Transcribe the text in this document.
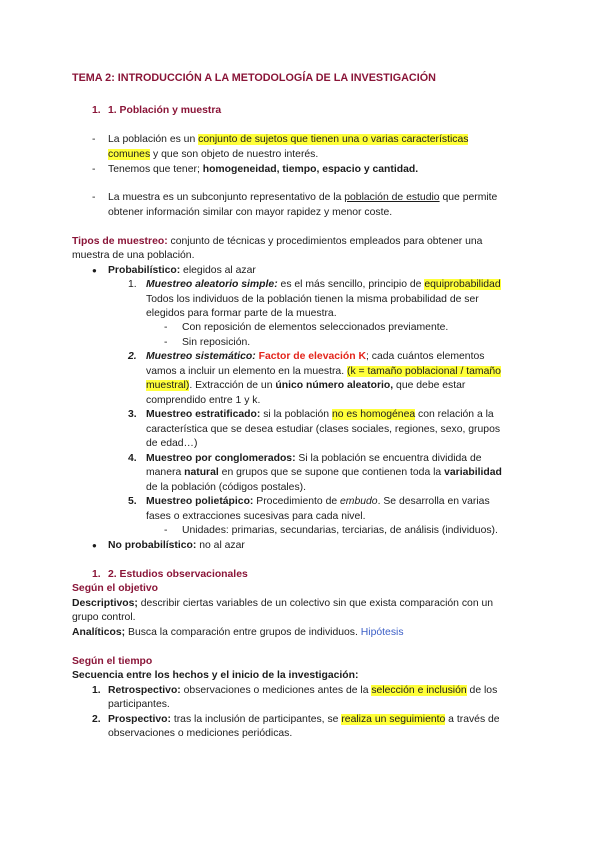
TEMA 2: INTRODUCCIÓN A LA METODOLOGÍA DE LA INVESTIGACIÓN
1. 1. Población y muestra
- La población es un conjunto de sujetos que tienen una o varias características
comunes y que son objeto de nuestro interés.
- Tenemos que tener; homogeneidad, tiempo, espacio y cantidad.
- La muestra es un subconjunto representativo de la población de estudio que permite
obtener información similar con mayor rapidez y menor coste.
Tipos de muestreo: conjunto de técnicas y procedimientos empleados para obtener una
muestra de una población.
● Probabilístico: elegidos al azar
1. Muestreo aleatorio simple: es el más sencillo, principio de equiprobabilidad
Todos los individuos de la población tienen la misma probabilidad de ser
elegidos para formar parte de la muestra.
- Con reposición de elementos seleccionados previamente.
- Sin reposición.
2. Muestreo sistemático: Factor de elevación K; cada cuántos elementos
vamos a incluir un elemento en la muestra. (k = tamaño poblacional / tamaño
muestral). Extracción de un único número aleatorio, que debe estar
comprendido entre 1 y k.
3. Muestreo estratificado: si la población no es homogénea con relación a la
característica que se desea estudiar (clases sociales, regiones, sexo, grupos
de edad…)
4. Muestreo por conglomerados: Si la población se encuentra dividida de
manera natural en grupos que se supone que contienen toda la variabilidad
de la población (códigos postales).
5. Muestreo polietápico: Procedimiento de embudo. Se desarrolla en varias
fases o extracciones sucesivas para cada nivel.
- Unidades: primarias, secundarias, terciarias, de análisis (individuos).
● No probabilístico: no al azar
1. 2. Estudios observacionales
Según el objetivo
Descriptivos; describir ciertas variables de un colectivo sin que exista comparación con un
grupo control.
Analíticos; Busca la comparación entre grupos de individuos. Hipótesis
Según el tiempo
Secuencia entre los hechos y el inicio de la investigación:
1. Retrospectivo: observaciones o mediciones antes de la selección e inclusión de los
participantes.
2. Prospectivo: tras la inclusión de participantes, se realiza un seguimiento a través de
observaciones o mediciones periódicas.
